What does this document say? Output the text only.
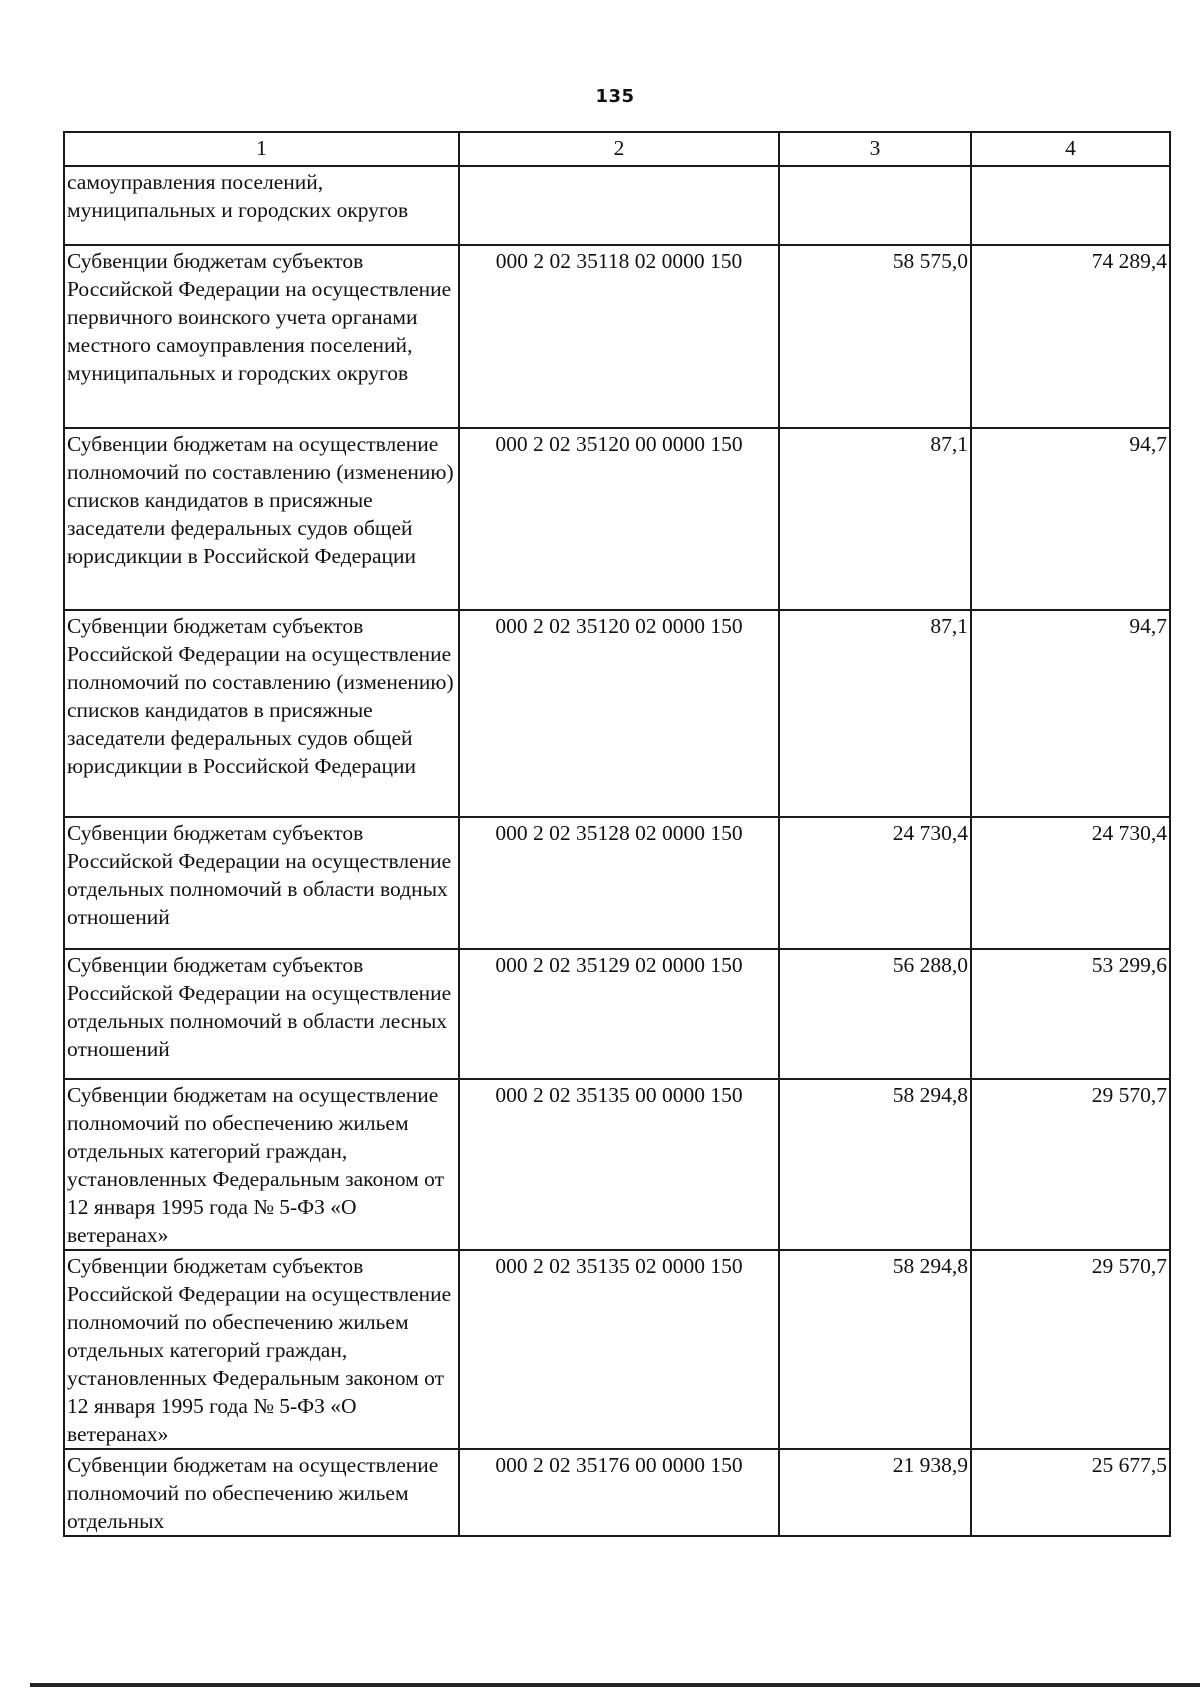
135
1	2	3	4
самоуправления поселений, муниципальных и городских округов			
Субвенции бюджетам субъектов Российской Федерации на осуществление первичного воинского учета органами местного самоуправления поселений, муниципальных и городских округов	000 2 02 35118 02 0000 150	58 575,0	74 289,4
Субвенции бюджетам на осуществление полномочий по составлению (изменению) списков кандидатов в присяжные заседатели федеральных судов общей юрисдикции в Российской Федерации	000 2 02 35120 00 0000 150	87,1	94,7
Субвенции бюджетам субъектов Российской Федерации на осуществление полномочий по составлению (изменению) списков кандидатов в присяжные заседатели федеральных судов общей юрисдикции в Российской Федерации	000 2 02 35120 02 0000 150	87,1	94,7
Субвенции бюджетам субъектов Российской Федерации на осуществление отдельных полномочий в области водных отношений	000 2 02 35128 02 0000 150	24 730,4	24 730,4
Субвенции бюджетам субъектов Российской Федерации на осуществление отдельных полномочий в области лесных отношений	000 2 02 35129 02 0000 150	56 288,0	53 299,6
Субвенции бюджетам на осуществление полномочий по обеспечению жильем отдельных категорий граждан, установленных Федеральным законом от 12 января 1995 года № 5-ФЗ «О ветеранах»	000 2 02 35135 00 0000 150	58 294,8	29 570,7
Субвенции бюджетам субъектов Российской Федерации на осуществление полномочий по обеспечению жильем отдельных категорий граждан, установленных Федеральным законом от 12 января 1995 года № 5-ФЗ «О ветеранах»	000 2 02 35135 02 0000 150	58 294,8	29 570,7
Субвенции бюджетам на осуществление полномочий по обеспечению жильем отдельных	000 2 02 35176 00 0000 150	21 938,9	25 677,5
